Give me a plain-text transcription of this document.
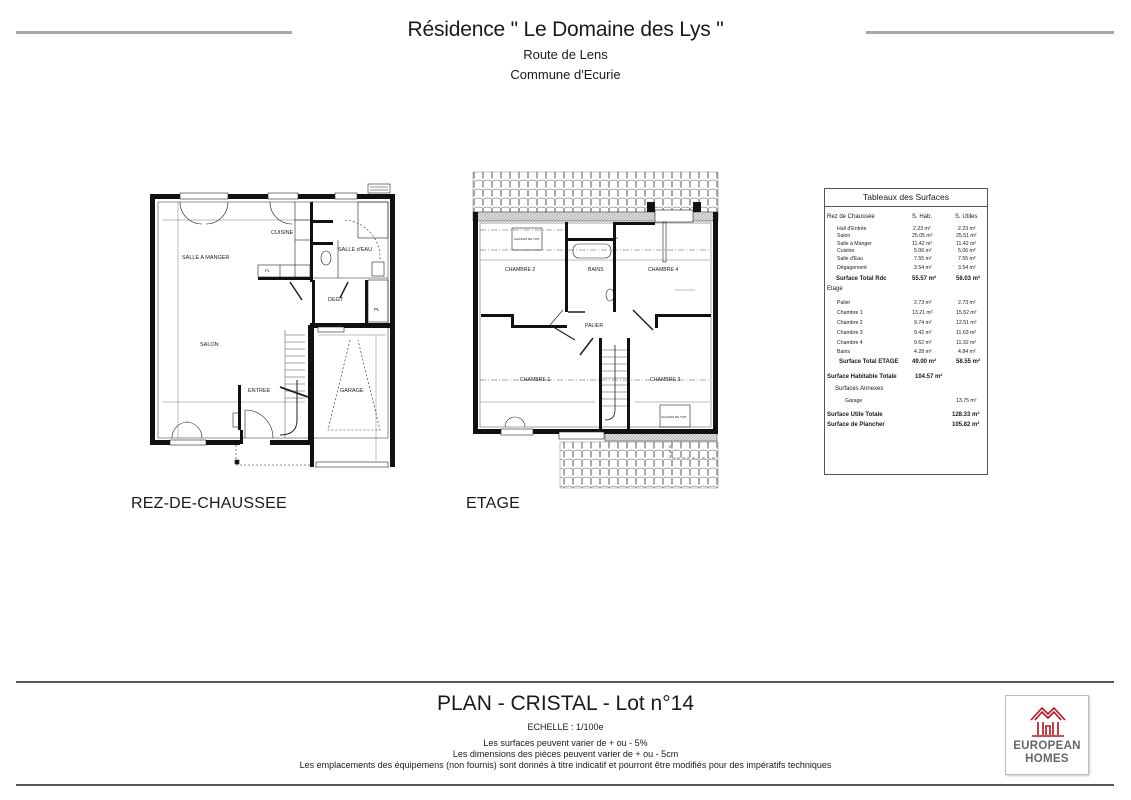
Résidence " Le Domaine des Lys "
Route de Lens
Commune d'Ecurie
SALLE A MANGER
CUISINE
SALLE d'EAU
DEGT
SALON
ENTREE	GARAGE
PL
PL
CHAMBRE 2	BAINS	CHAMBRE 4
PALIER
CHAMBRE 1	CHAMBRE 3
CHASSIS DE TOIT
CHASSIS DE TOIT
REZ-DE-CHAUSSEE	ETAGE
Tableaux des Surfaces
Rez de Chaussée	S. Hab.	S. Utiles
Hall d'Entrée	2.23 m²	2.23 m²
Salon	25.05 m²	25.51 m²
Salle à Manger	11.42 m²	11.42 m²
Cuisine	5.06 m²	5.06 m²
Salle d'Eau	7.55 m²	7.55 m²
Dégagement	3.54 m²	3.54 m²
Surface Total Rdc	55.57 m²	56.03 m²
Etage
Palier	2.73 m²	2.73 m²
Chambre 1	13.21 m²	15.52 m²
Chambre 2	9.74 m²	12.51 m²
Chambre 3	9.42 m²	11.63 m²
Chambre 4	9.62 m²	11.32 m²
Bains	4.28 m²	4.84 m²
Surface Total ETAGE 49.00 m²	58.55 m²
Surface Habitable Totale	104.57 m²
Surfaces Annexes
Garage	13.75 m²
Surface Utile Totale	128.33 m²
Surface de Plancher	105.82 m²
PLAN - CRISTAL - Lot n°14
ECHELLE : 1/100e
Les surfaces peuvent varier de + ou - 5%
Les dimensions des pièces peuvent varier de + ou - 5cm
Les emplacements des équipemens (non fournis) sont donnés à titre indicatif et pourront être modifiés pour des impératifs techniques
EUROPEAN
HOMES
